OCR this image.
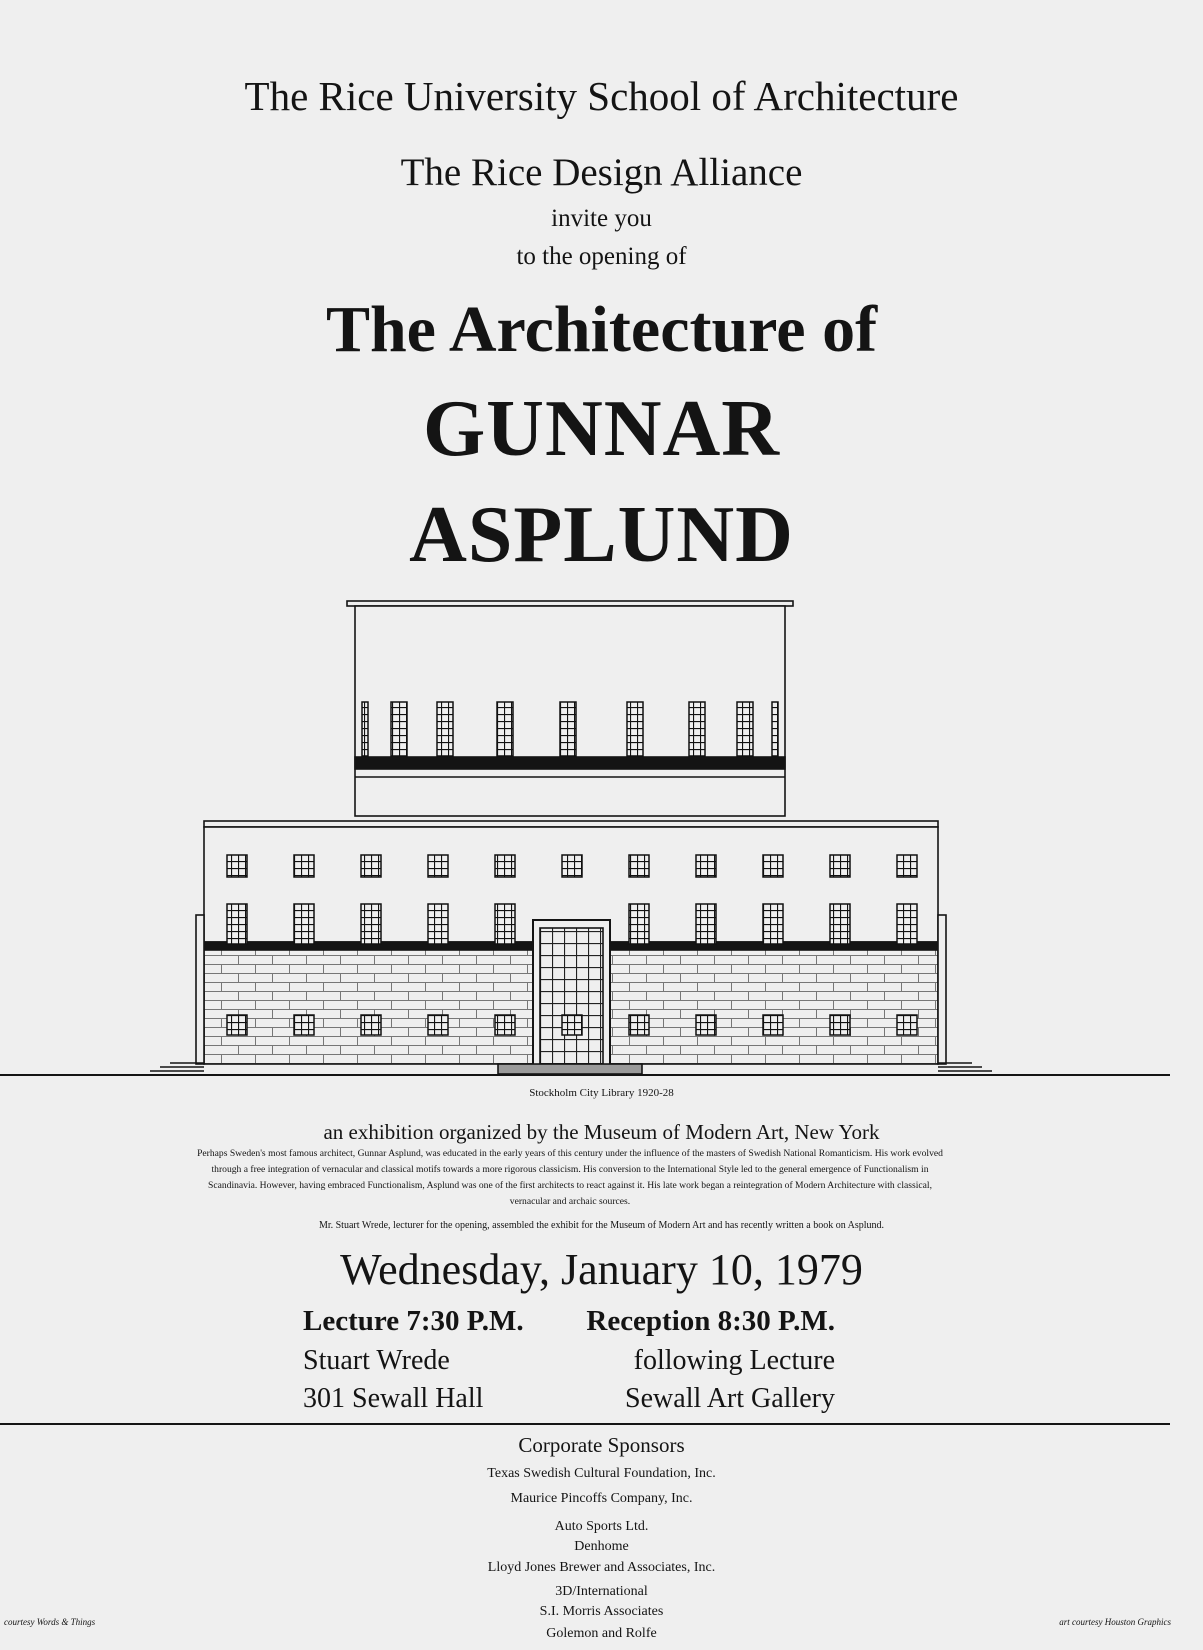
The Rice University School of Architecture

The Rice Design Alliance

invite you

to the opening of

The Architecture of

GUNNAR

ASPLUND

Stockholm City Library 1920-28

an exhibition organized by the Museum of Modern Art, New York

Perhaps Sweden's most famous architect, Gunnar Asplund, was educated in the early years of this century under the influence of the masters of Swedish National Romanticism. His work evolved through a free integration of vernacular and classical motifs towards a more rigorous classicism. His conversion to the International Style led to the general emergence of Functionalism in Scandinavia. However, having embraced Functionalism, Asplund was one of the first architects to react against it. His late work began a reintegration of Modern Architecture with classical, vernacular and archaic sources.

Mr. Stuart Wrede, lecturer for the opening, assembled the exhibit for the Museum of Modern Art and has recently written a book on Asplund.

Wednesday, January 10, 1979

Lecture 7:30 P.M.

Stuart Wrede

301 Sewall Hall

Reception 8:30 P.M.

following Lecture

Sewall Art Gallery

Corporate Sponsors

Texas Swedish Cultural Foundation, Inc.

Maurice Pincoffs Company, Inc.

Auto Sports Ltd.

Denhome

Lloyd Jones Brewer and Associates, Inc.

3D/International

S.I. Morris Associates

Golemon and Rolfe

courtesy Words & Things	art courtesy Houston Graphics
